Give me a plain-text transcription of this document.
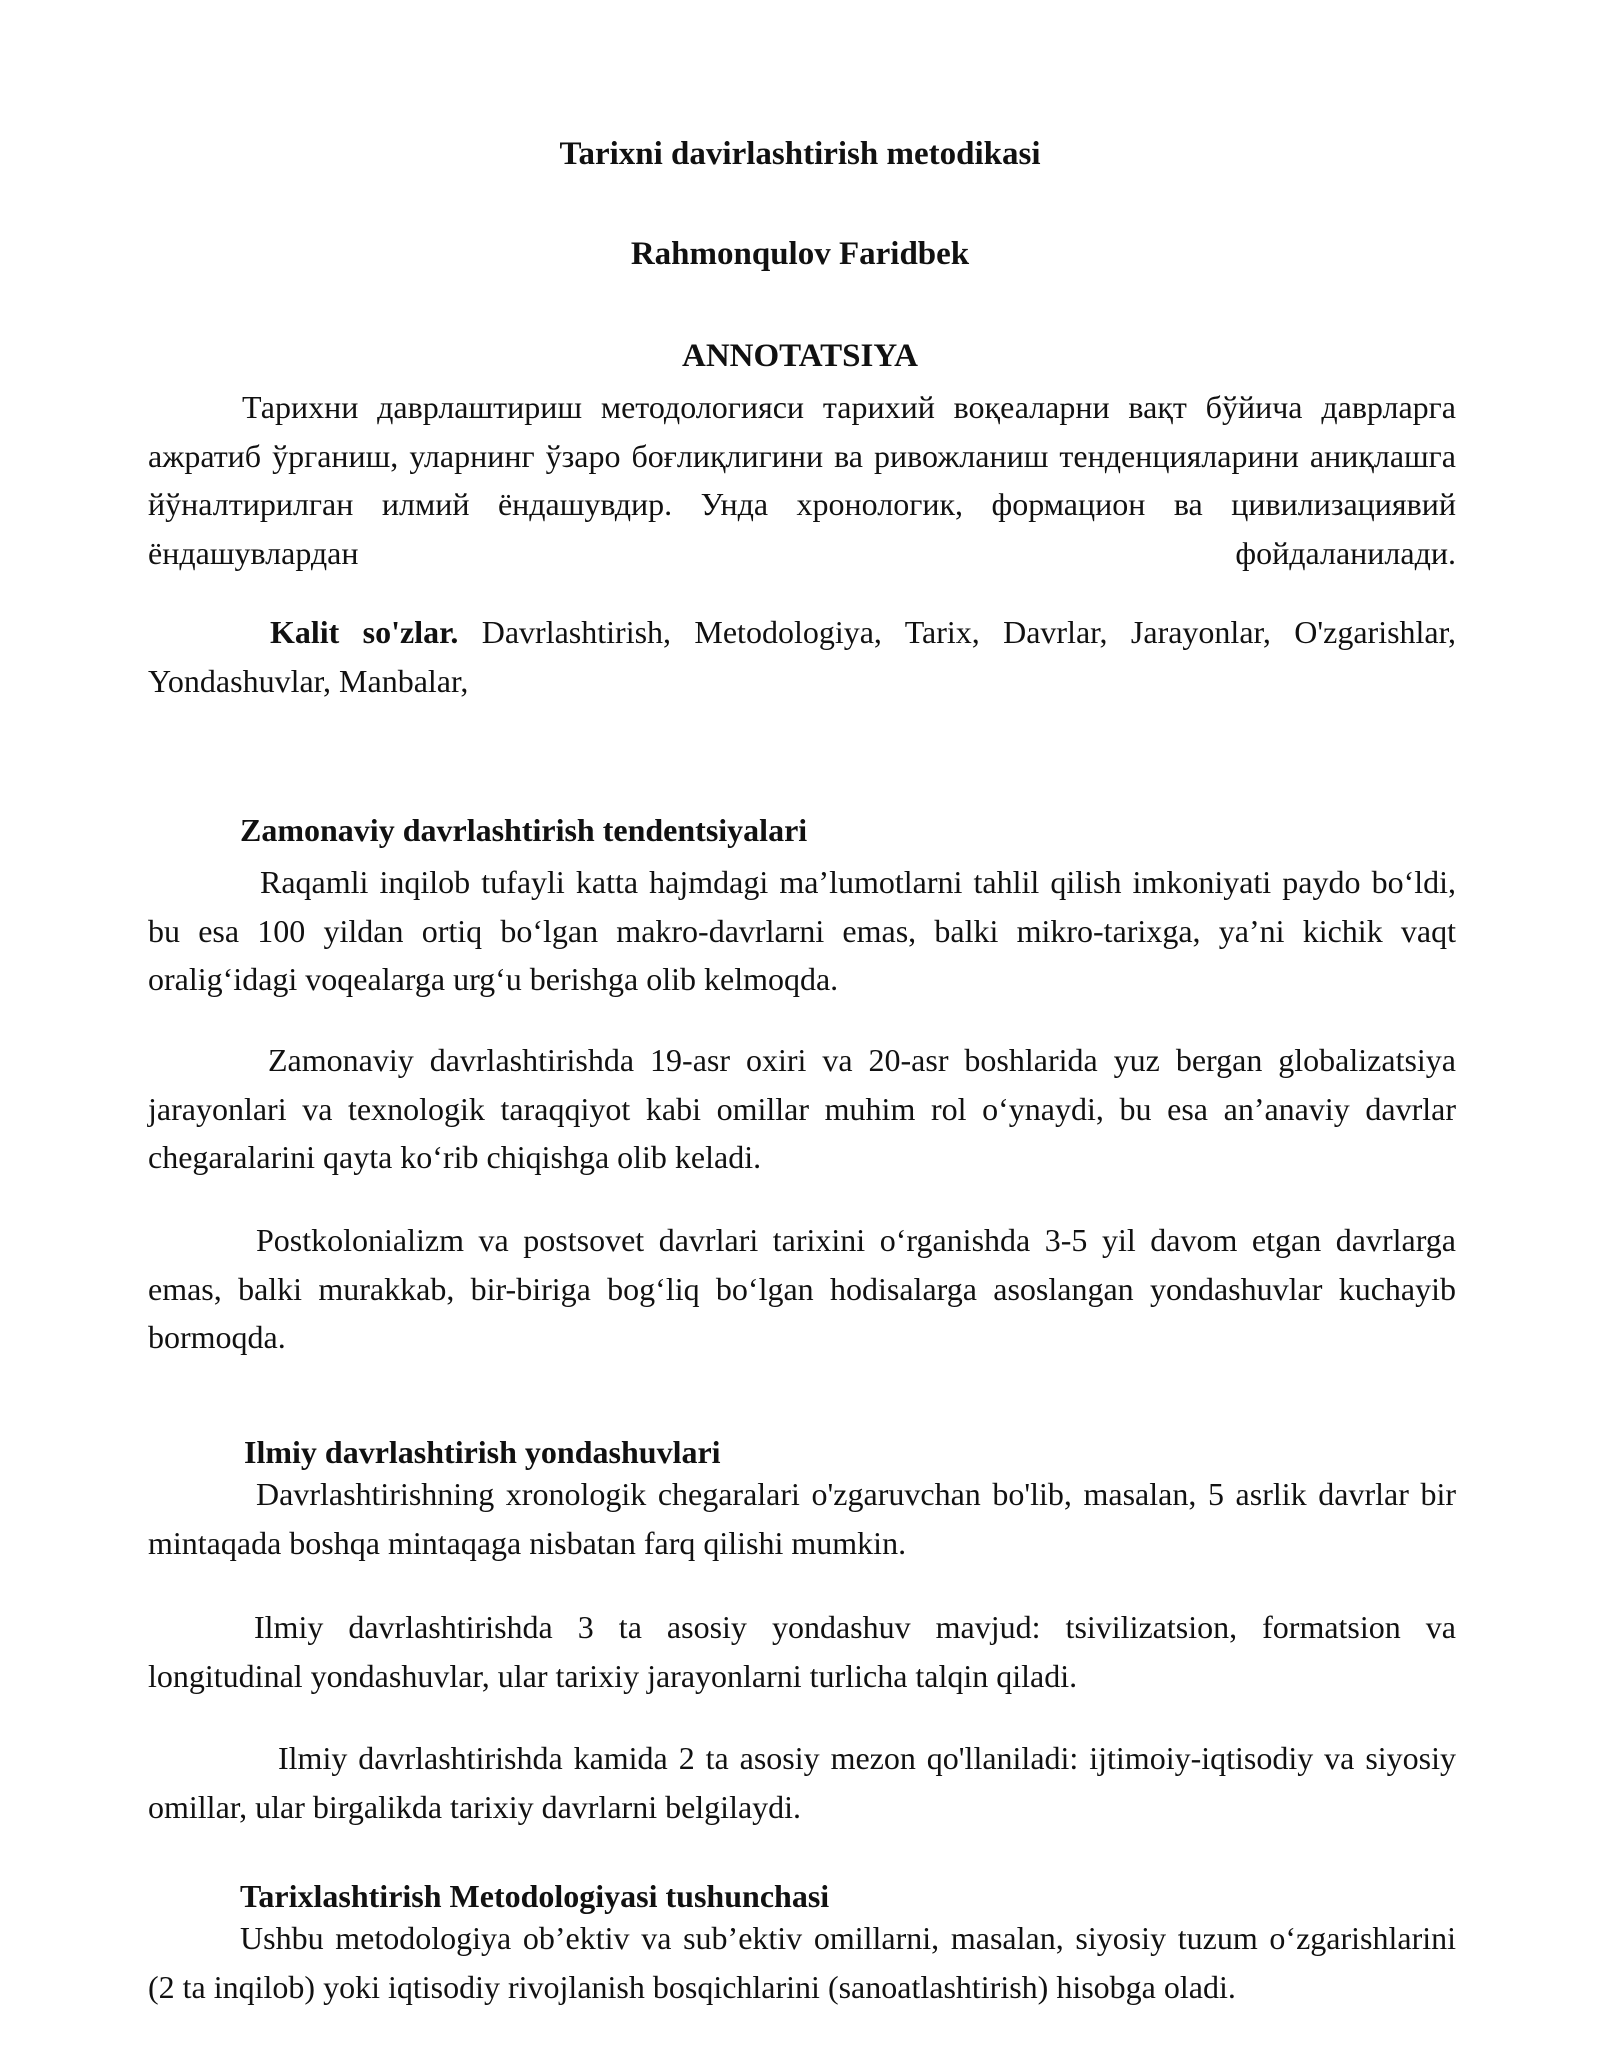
Tarixni davirlashtirish metodikasi
Rahmonqulov Faridbek
ANNOTATSIYA

Тарихни даврлаштириш методологияси тарихий воқеаларни вақт бўйича даврларга ажратиб ўрганиш, уларнинг ўзаро боғлиқлигини ва ривожланиш тенденцияларини аниқлашга йўналтирилган илмий ёндашувдир. Унда хронологик, формацион ва цивилизациявий ёндашувлардан фойдаланилади.

Kalit so'zlar. Davrlashtirish, Metodologiya, Tarix, Davrlar, Jarayonlar, O'zgarishlar, Yondashuvlar, Manbalar,

Zamonaviy davrlashtirish tendentsiyalari

Raqamli inqilob tufayli katta hajmdagi ma’lumotlarni tahlil qilish imkoniyati paydo bo‘ldi, bu esa 100 yildan ortiq bo‘lgan makro-davrlarni emas, balki mikro-tarixga, ya’ni kichik vaqt oralig‘idagi voqealarga urg‘u berishga olib kelmoqda.

Zamonaviy davrlashtirishda 19-asr oxiri va 20-asr boshlarida yuz bergan globalizatsiya jarayonlari va texnologik taraqqiyot kabi omillar muhim rol o‘ynaydi, bu esa an’anaviy davrlar chegaralarini qayta ko‘rib chiqishga olib keladi.

Postkolonializm va postsovet davrlari tarixini o‘rganishda 3-5 yil davom etgan davrlarga emas, balki murakkab, bir-biriga bog‘liq bo‘lgan hodisalarga asoslangan yondashuvlar kuchayib bormoqda.

Ilmiy davrlashtirish yondashuvlari

Davrlashtirishning xronologik chegaralari o'zgaruvchan bo'lib, masalan, 5 asrlik davrlar bir mintaqada boshqa mintaqaga nisbatan farq qilishi mumkin.

Ilmiy davrlashtirishda 3 ta asosiy yondashuv mavjud: tsivilizatsion, formatsion va longitudinal yondashuvlar, ular tarixiy jarayonlarni turlicha talqin qiladi.

Ilmiy davrlashtirishda kamida 2 ta asosiy mezon qo'llaniladi: ijtimoiy-iqtisodiy va siyosiy omillar, ular birgalikda tarixiy davrlarni belgilaydi.

Tarixlashtirish Metodologiyasi tushunchasi

Ushbu metodologiya ob’ektiv va sub’ektiv omillarni, masalan, siyosiy tuzum o‘zgarishlarini (2 ta inqilob) yoki iqtisodiy rivojlanish bosqichlarini (sanoatlashtirish) hisobga oladi.
